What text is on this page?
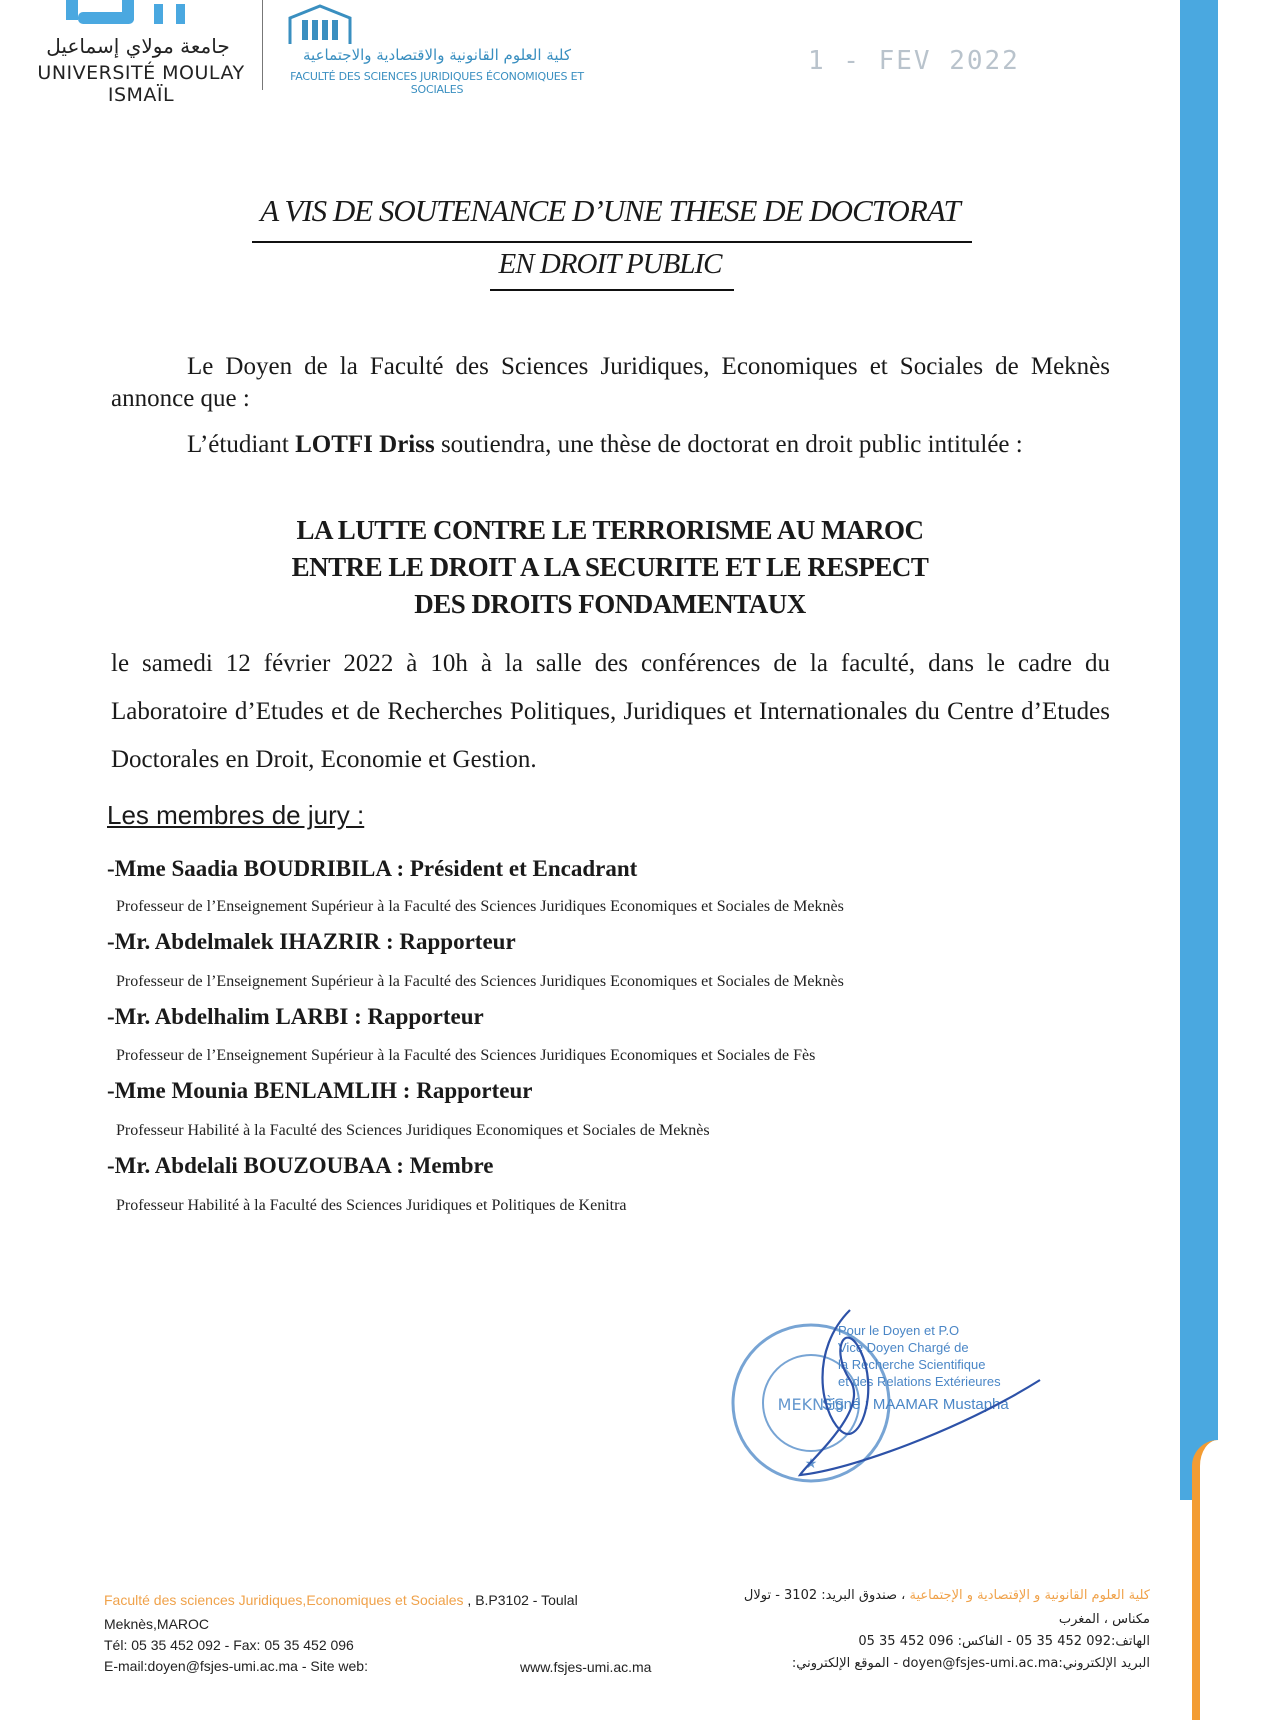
جامعة مولاي إسماعيل
UNIVERSITÉ MOULAY ISMAÏL
كلية العلوم القانونية والاقتصادية والاجتماعية
FACULTÉ DES SCIENCES JURIDIQUES ÉCONOMIQUES ET SOCIALES
1 - FEV 2022
A VIS DE SOUTENANCE D’UNE THESE DE DOCTORAT
EN DROIT PUBLIC
Le Doyen de la Faculté des Sciences Juridiques, Economiques et Sociales de Meknès annonce que :
L’étudiant LOTFI Driss soutiendra, une thèse de doctorat en droit public intitulée :
LA LUTTE CONTRE LE TERRORISME AU MAROC
ENTRE LE DROIT A LA SECURITE ET LE RESPECT
DES DROITS FONDAMENTAUX
le samedi 12 février 2022 à 10h à la salle des conférences de la faculté, dans le cadre du Laboratoire d’Etudes et de Recherches Politiques, Juridiques et Internationales du Centre d’Etudes Doctorales en Droit, Economie et Gestion.
Les membres de jury :
-Mme Saadia BOUDRIBILA : Président et Encadrant
Professeur de l’Enseignement Supérieur à la Faculté des Sciences Juridiques Economiques et Sociales de Meknès
-Mr. Abdelmalek IHAZRIR : Rapporteur
Professeur de l’Enseignement Supérieur à la Faculté des Sciences Juridiques Economiques et Sociales de Meknès
-Mr. Abdelhalim LARBI : Rapporteur
Professeur de l’Enseignement Supérieur à la Faculté des Sciences Juridiques Economiques et Sociales de Fès
-Mme Mounia BENLAMLIH : Rapporteur
Professeur Habilité à la Faculté des Sciences Juridiques Economiques et Sociales de Meknès
-Mr. Abdelali BOUZOUBAA : Membre
Professeur Habilité à la Faculté des Sciences Juridiques et Politiques de Kenitra
MEKNÈS
★
Pour le Doyen et P.O
Vice Doyen Chargé de
la Recherche Scientifique
et des Relations Extérieures
Signé : MAAMAR Mustapha
Faculté des sciences Juridiques,Economiques et Sociales , B.P3102 - Toulal
Meknès,MAROC
Tél: 05 35 452 092 - Fax: 05 35 452 096
E-mail:doyen@fsjes-umi.ac.ma - Site web:	www.fsjes-umi.ac.ma
كلية العلوم القانونية و الإقتصادية و الإجتماعية ، صندوق البريد: 3102 - تولال
مكناس ، المغرب
الهاتف:092 452 35 05 - الفاكس: 096 452 35 05
البريد الإلكتروني:doyen@fsjes-umi.ac.ma - الموقع الإلكتروني:
